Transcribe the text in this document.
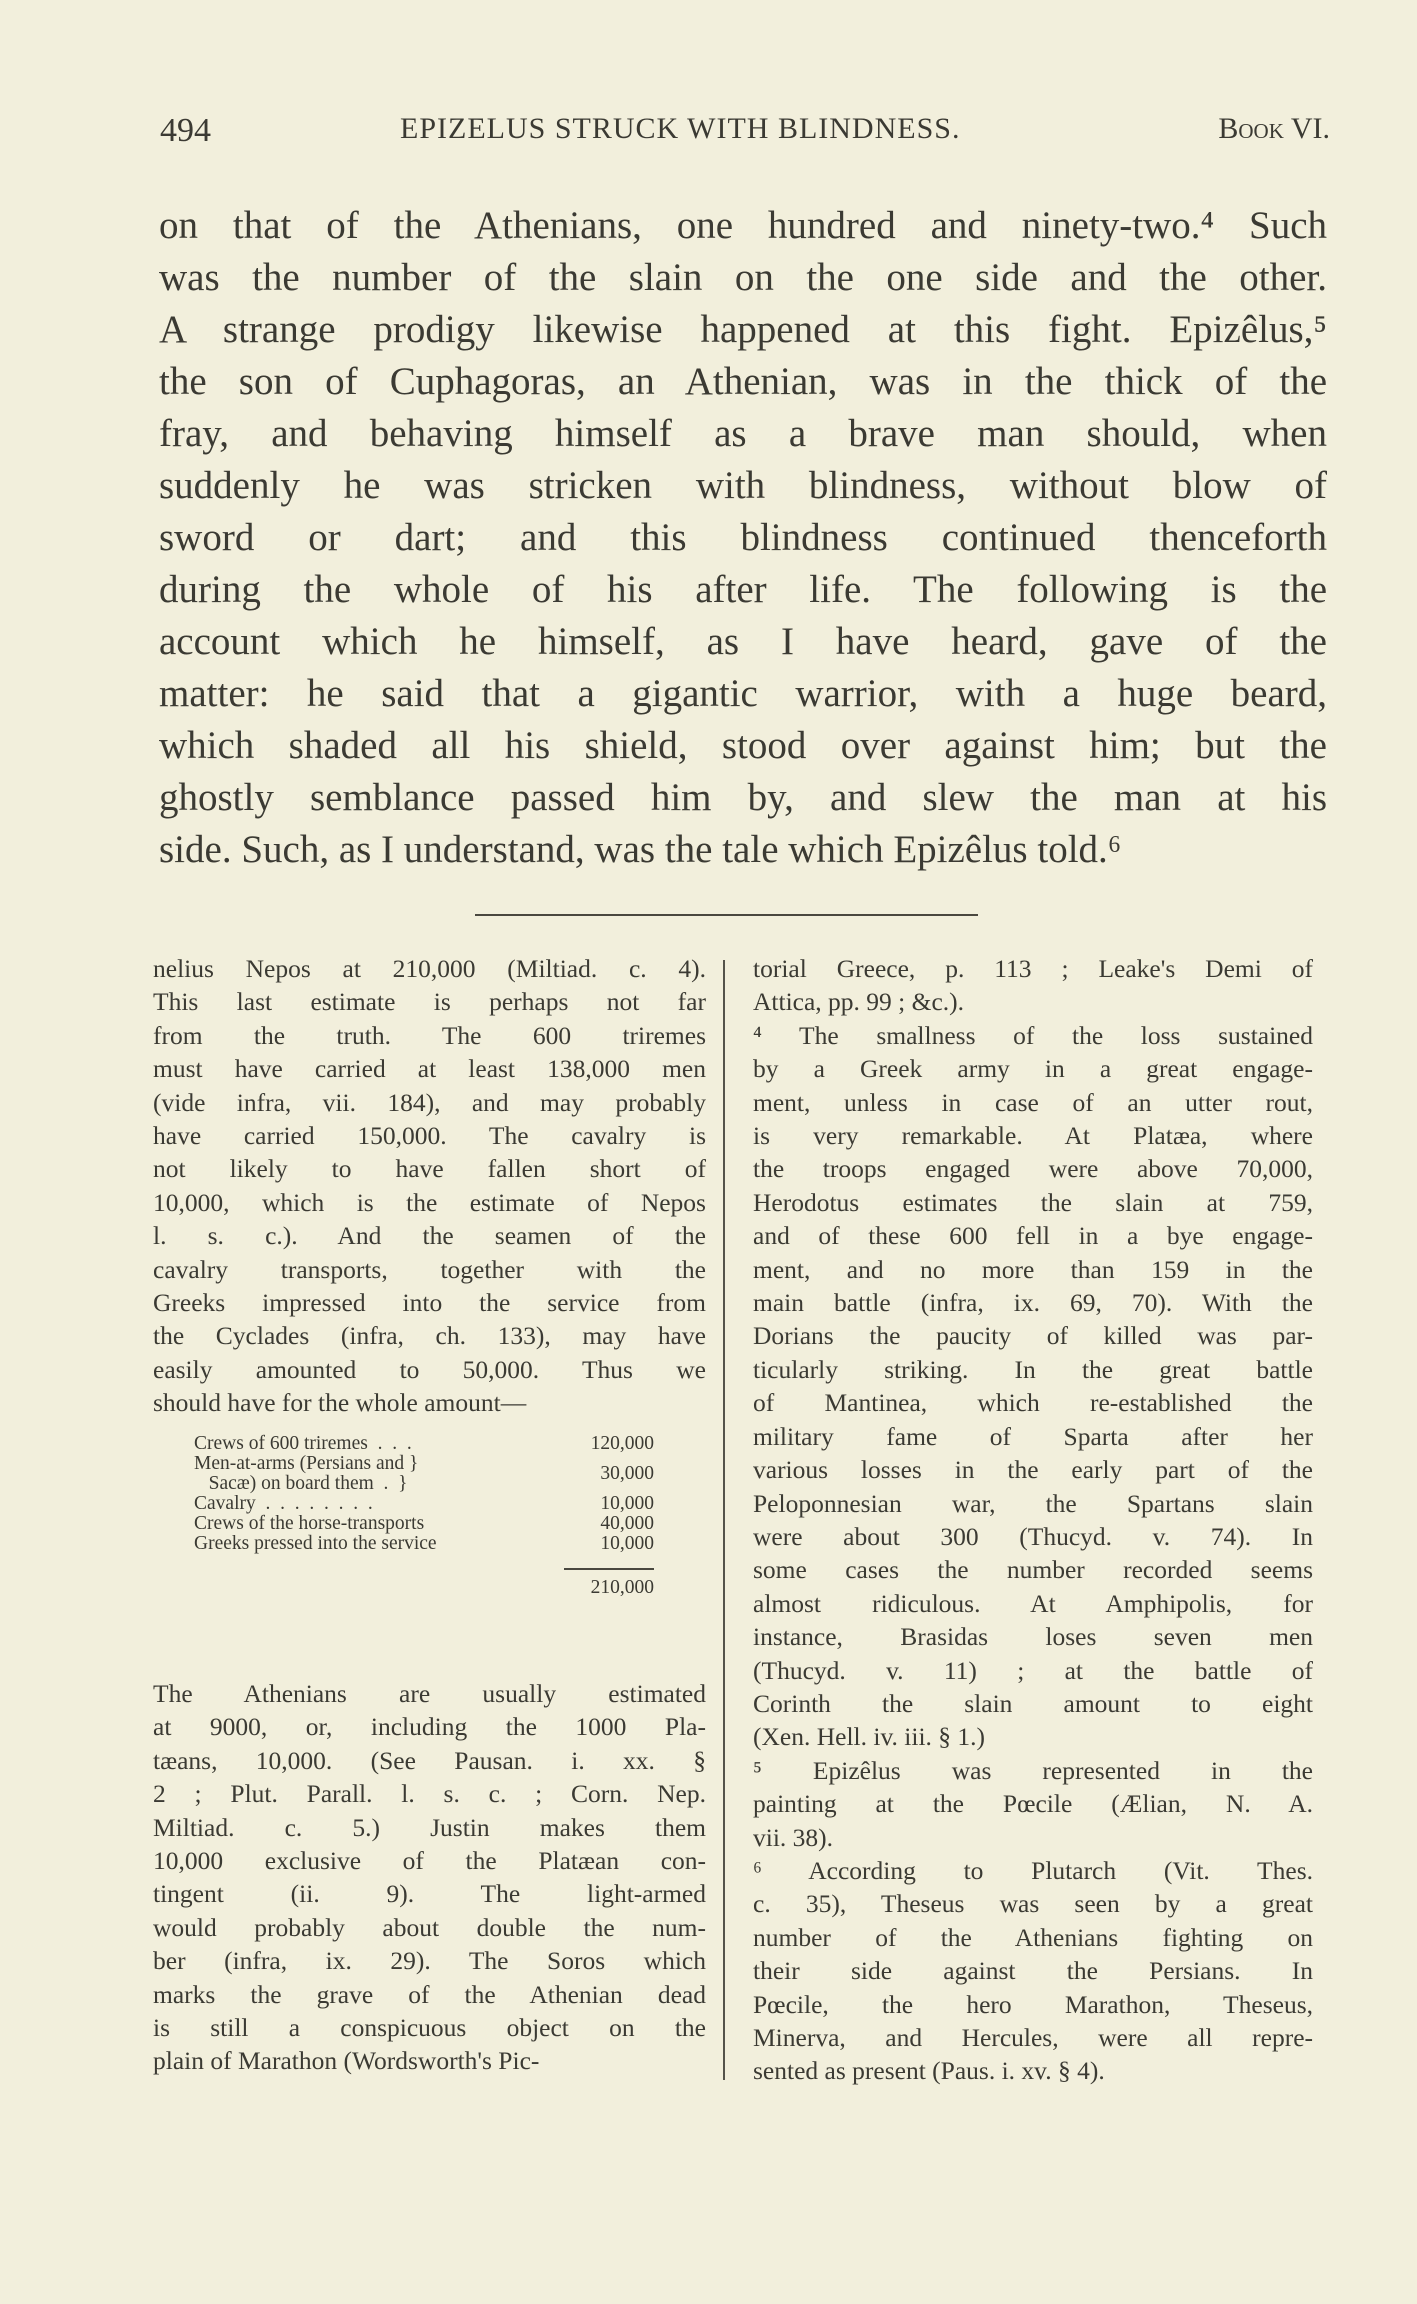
494	EPIZELUS STRUCK WITH BLINDNESS.	Book VI.
on that of the Athenians, one hundred and ninety-two.⁴ Such
was the number of the slain on the one side and the other.
A strange prodigy likewise happened at this fight. Epizêlus,⁵
the son of Cuphagoras, an Athenian, was in the thick of the
fray, and behaving himself as a brave man should, when
suddenly he was stricken with blindness, without blow of
sword or dart; and this blindness continued thenceforth
during the whole of his after life. The following is the
account which he himself, as I have heard, gave of the
matter: he said that a gigantic warrior, with a huge beard,
which shaded all his shield, stood over against him; but the
ghostly semblance passed him by, and slew the man at his
side. Such, as I understand, was the tale which Epizêlus told.⁶
nelius Nepos at 210,000 (Miltiad. c. 4).
This last estimate is perhaps not far
from the truth. The 600 triremes
must have carried at least 138,000 men
(vide infra, vii. 184), and may probably
have carried 150,000. The cavalry is
not likely to have fallen short of
10,000, which is the estimate of Nepos
l. s. c.). And the seamen of the
cavalry transports, together with the
Greeks impressed into the service from
the Cyclades (infra, ch. 133), may have
easily amounted to 50,000. Thus we
should have for the whole amount—
Crews of 600 triremes  .  .  .	120,000
Men-at-arms (Persians and }
Sacæ) on board them  .  }	30,000
Cavalry  .  .  .  .  .  .  .  .	10,000
Crews of the horse-transports	40,000
Greeks pressed into the service	10,000
210,000
The Athenians are usually estimated
at 9000, or, including the 1000 Pla-
tæans, 10,000. (See Pausan. i. xx. §
2 ; Plut. Parall. l. s. c. ; Corn. Nep.
Miltiad. c. 5.) Justin makes them
10,000 exclusive of the Platæan con-
tingent (ii. 9). The light-armed
would probably about double the num-
ber (infra, ix. 29). The Soros which
marks the grave of the Athenian dead
is still a conspicuous object on the
plain of Marathon (Wordsworth's Pic-
torial Greece, p. 113 ; Leake's Demi of
Attica, pp. 99 ; &c.).
⁴ The smallness of the loss sustained
by a Greek army in a great engage-
ment, unless in case of an utter rout,
is very remarkable. At Platæa, where
the troops engaged were above 70,000,
Herodotus estimates the slain at 759,
and of these 600 fell in a bye engage-
ment, and no more than 159 in the
main battle (infra, ix. 69, 70). With the
Dorians the paucity of killed was par-
ticularly striking. In the great battle
of Mantinea, which re-established the
military fame of Sparta after her
various losses in the early part of the
Peloponnesian war, the Spartans slain
were about 300 (Thucyd. v. 74). In
some cases the number recorded seems
almost ridiculous. At Amphipolis, for
instance, Brasidas loses seven men
(Thucyd. v. 11) ; at the battle of
Corinth the slain amount to eight
(Xen. Hell. iv. iii. § 1.)
⁵ Epizêlus was represented in the
painting at the Pœcile (Ælian, N. A.
vii. 38).
⁶ According to Plutarch (Vit. Thes.
c. 35), Theseus was seen by a great
number of the Athenians fighting on
their side against the Persians. In
Pœcile, the hero Marathon, Theseus,
Minerva, and Hercules, were all repre-
sented as present (Paus. i. xv. § 4).
